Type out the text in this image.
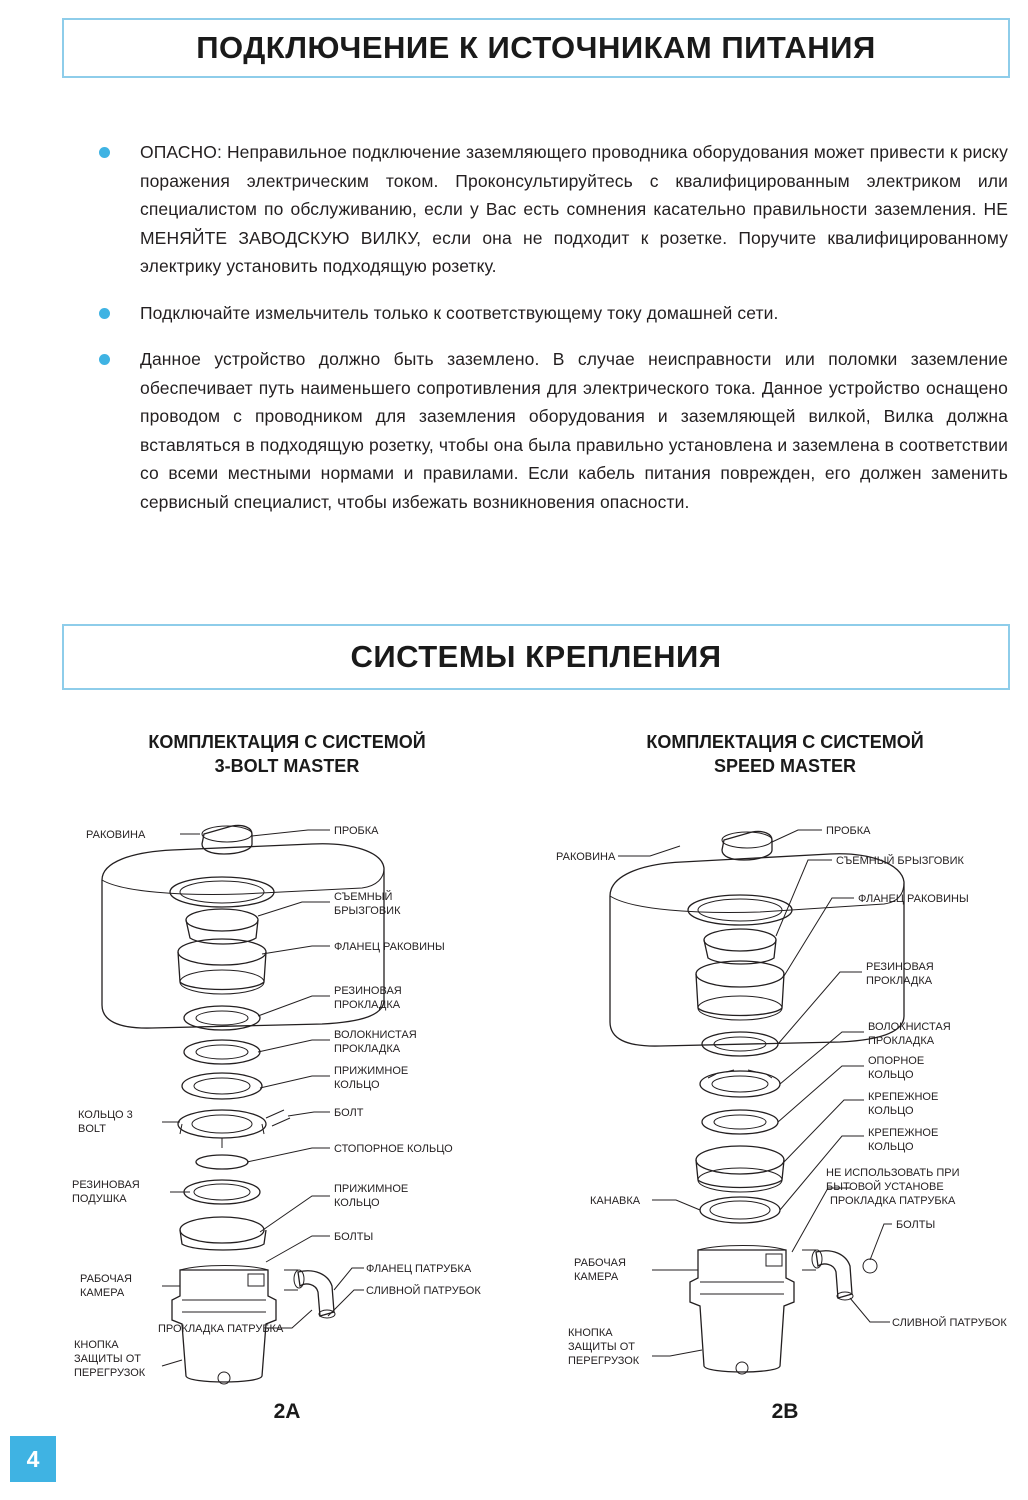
ПОДКЛЮЧЕНИЕ К ИСТОЧНИКАМ ПИТАНИЯ
ОПАСНО: Неправильное подключение заземляющего проводника оборудования может привести к риску поражения электрическим током. Проконсультируйтесь с квалифицированным электриком или специалистом по обслуживанию, если у Вас есть сомнения касательно правильности заземления. НЕ МЕНЯЙТЕ ЗАВОДСКУЮ ВИЛКУ, если она не подходит к розетке. Поручите квалифицированному электрику установить подходящую розетку.
Подключайте измельчитель только к соответствующему току домашней сети.
Данное устройство должно быть заземлено. В случае неисправности или поломки заземление обеспечивает путь наименьшего сопротивления для электрического тока. Данное устройство оснащено проводом с проводником для заземления оборудования и заземляющей вилкой, Вилка должна вставляться в подходящую розетку, чтобы она была правильно установлена и заземлена в соответствии со всеми местными нормами и правилами. Если кабель питания поврежден, его должен заменить сервисный специалист, чтобы избежать возникновения опасности.
СИСТЕМЫ КРЕПЛЕНИЯ
КОМПЛЕКТАЦИЯ С СИСТЕМОЙ
3-BOLT MASTER
КОМПЛЕКТАЦИЯ С СИСТЕМОЙ
SPEED MASTER
РАКОВИНА	ПРОБКА
СЪЕМНЫЙ
БРЫЗГОВИК
ФЛАНЕЦ РАКОВИНЫ
РЕЗИНОВАЯ
ПРОКЛАДКА
ВОЛОКНИСТАЯ
ПРОКЛАДКА
ПРИЖИМНОЕ
КОЛЬЦО
КОЛЬЦО 3
BOLT
БОЛТ
СТОПОРНОЕ КОЛЬЦО
РЕЗИНОВАЯ
ПОДУШКА
ПРИЖИМНОЕ
КОЛЬЦО
БОЛТЫ
РАБОЧАЯ
КАМЕРА
ФЛАНЕЦ ПАТРУБКА
СЛИВНОЙ ПАТРУБОК
ПРОКЛАДКА ПАТРУБКА
КНОПКА
ЗАЩИТЫ ОТ
ПЕРЕГРУЗОК
РАКОВИНА
ПРОБКА
СЪЕМНЫЙ БРЫЗГОВИК
ФЛАНЕЦ РАКОВИНЫ
РЕЗИНОВАЯ
ПРОКЛАДКА
ВОЛОКНИСТАЯ
ПРОКЛАДКА
ОПОРНОЕ
КОЛЬЦО
КРЕПЕЖНОЕ
КОЛЬЦО
КАНАВКА
КРЕПЕЖНОЕ
КОЛЬЦО
НЕ ИСПОЛЬЗОВАТЬ ПРИ
БЫТОВОЙ УСТАНОВЕ
ПРОКЛАДКА ПАТРУБКА
БОЛТЫ
РАБОЧАЯ
КАМЕРА
СЛИВНОЙ ПАТРУБОК
КНОПКА
ЗАЩИТЫ ОТ
ПЕРЕГРУЗОК
2A	2B
4
